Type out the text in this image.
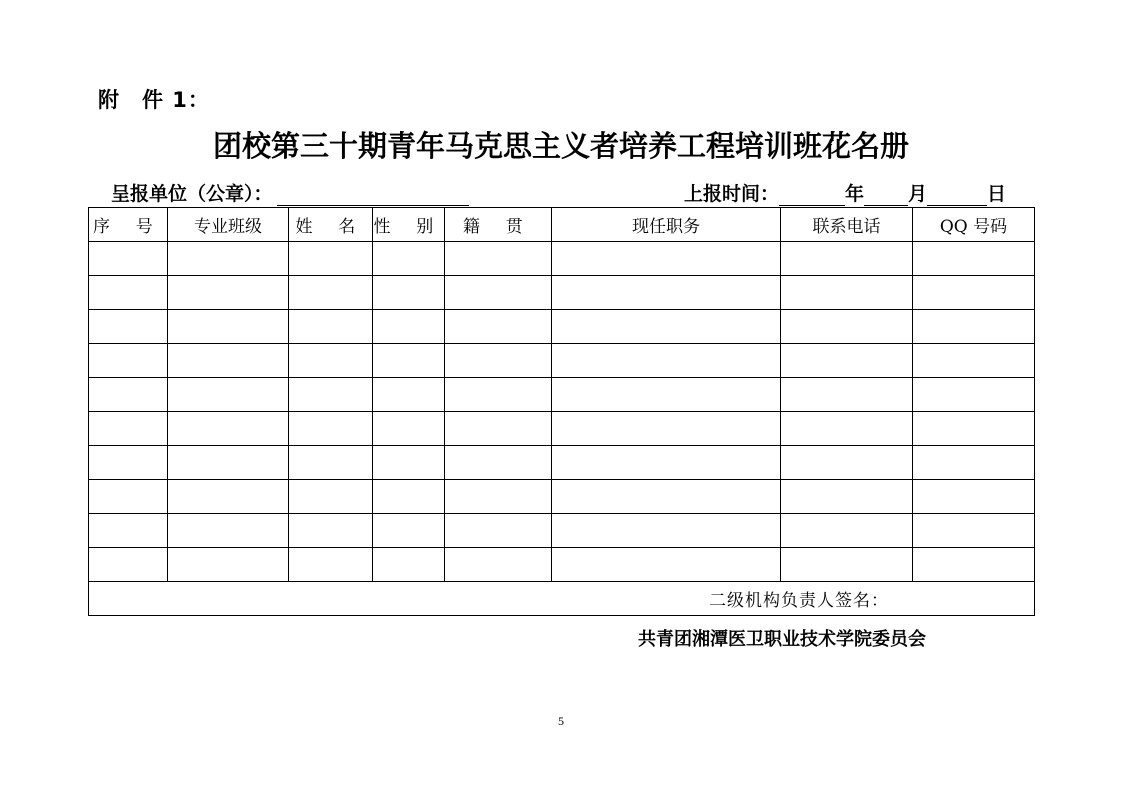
附 件 1：
团校第三十期青年马克思主义者培养工程培训班花名册
呈报单位（公章）：	上报时间：	年 月	日
序 号	专业班级	姓 名	性 别	籍 贯	现任职务	联系电话	QQ 号码

二级机构负责人签名：							
共青团湘潭医卫职业技术学院委员会
5
